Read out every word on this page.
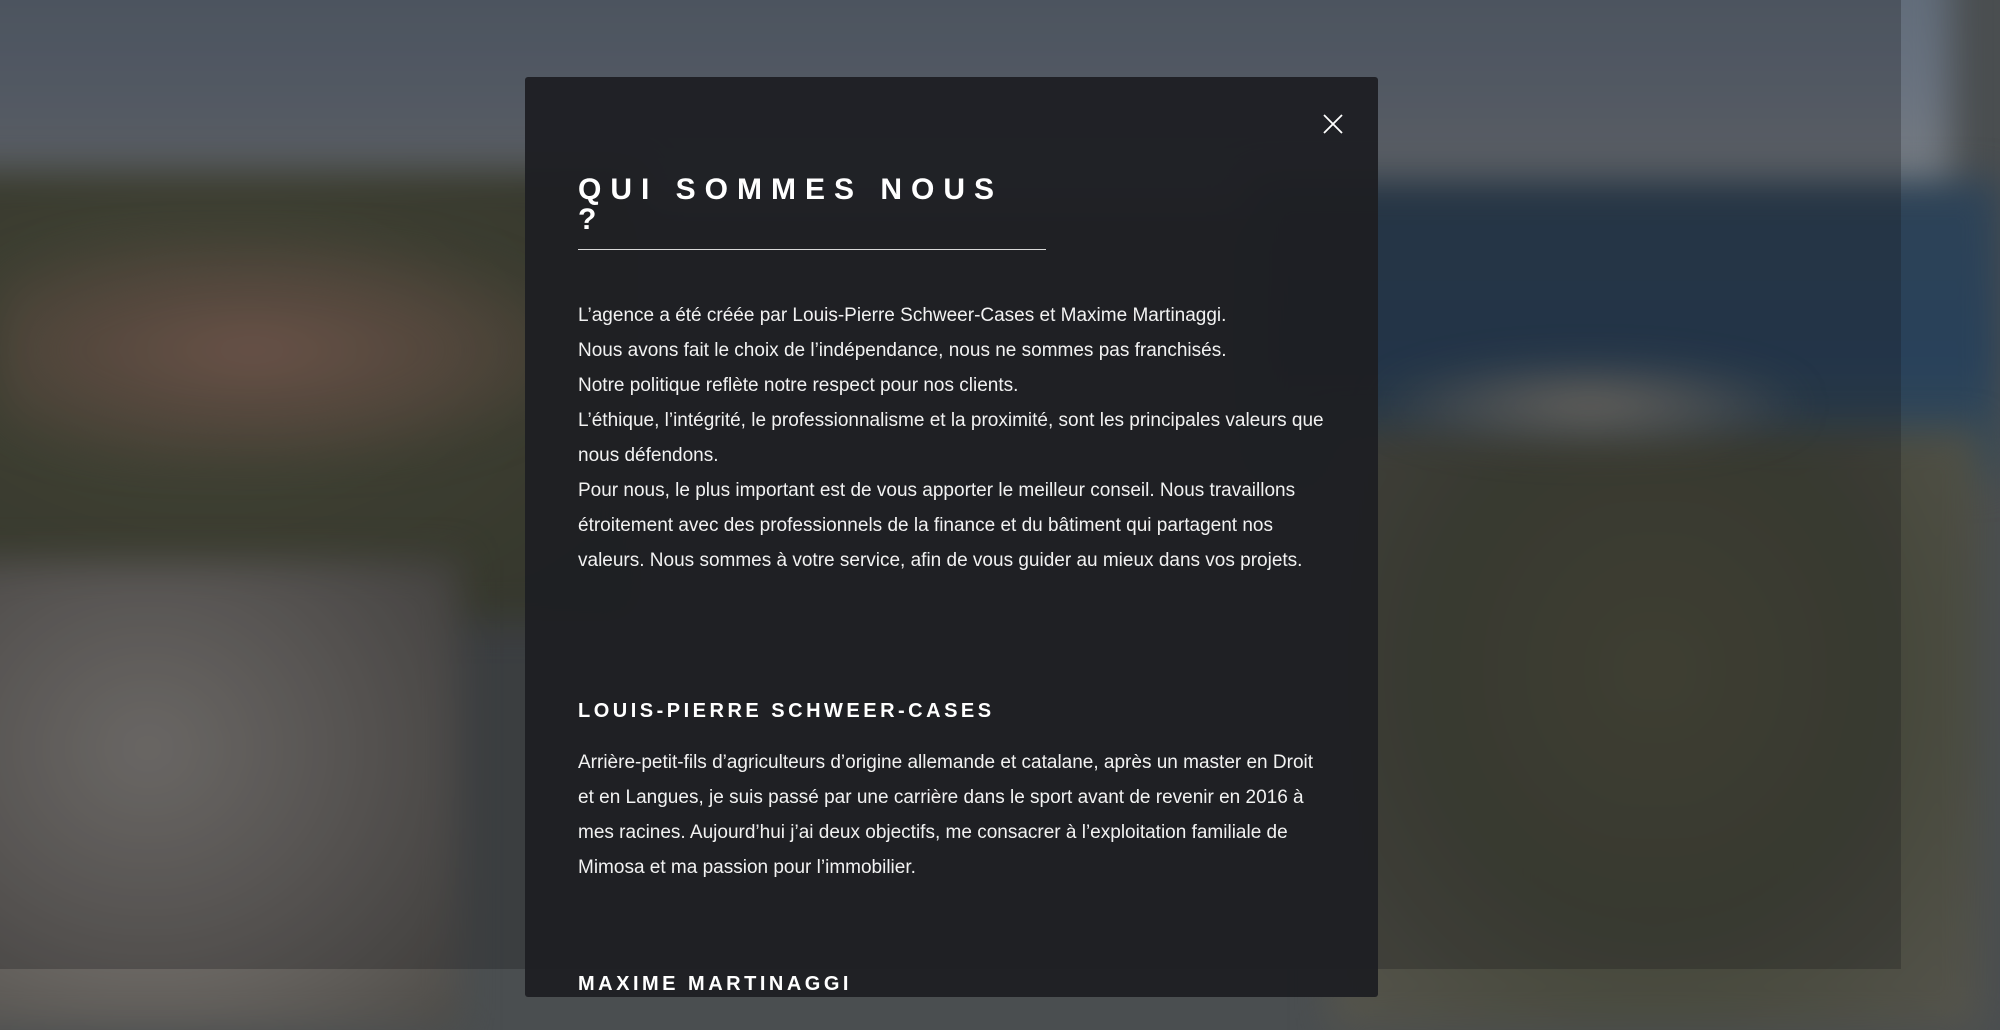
QUI SOMMES NOUS ?

L’agence a été créée par Louis-Pierre Schweer-Cases et Maxime Martinaggi.

Nous avons fait le choix de l’indépendance, nous ne sommes pas franchisés.

Notre politique reflète notre respect pour nos clients.

L’éthique, l’intégrité, le professionnalisme et la proximité, sont les principales valeurs que nous défendons.

Pour nous, le plus important est de vous apporter le meilleur conseil. Nous travaillons étroitement avec des professionnels de la finance et du bâtiment qui partagent nos valeurs. Nous sommes à votre service, afin de vous guider au mieux dans vos projets.

LOUIS-PIERRE SCHWEER-CASES

Arrière-petit-fils d’agriculteurs d’origine allemande et catalane, après un master en Droit et en Langues, je suis passé par une carrière dans le sport avant de revenir en 2016 à mes racines. Aujourd’hui j’ai deux objectifs, me consacrer à l’exploitation familiale de Mimosa et ma passion pour l’immobilier.

MAXIME MARTINAGGI
